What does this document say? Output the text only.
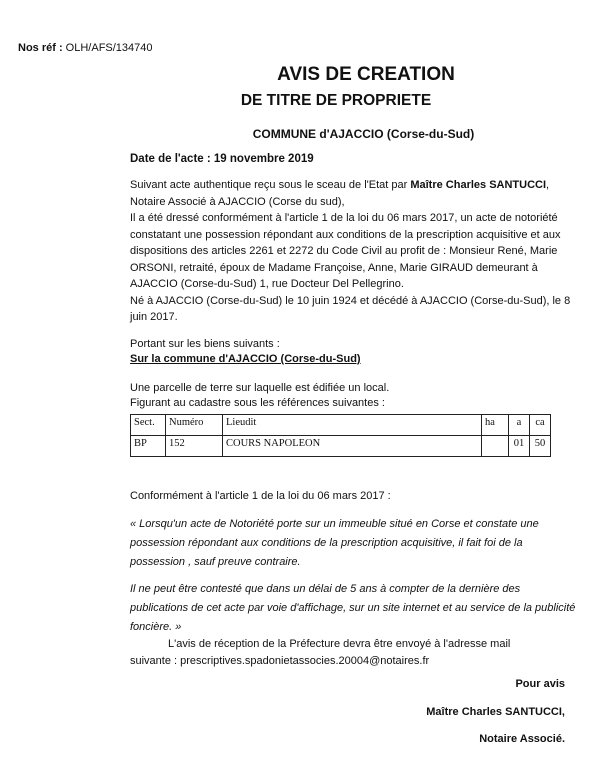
Nos réf : OLH/AFS/134740
AVIS DE CREATION
DE TITRE DE PROPRIETE
COMMUNE d'AJACCIO (Corse-du-Sud)
Date de l'acte : 19 novembre 2019

Suivant acte authentique reçu sous le sceau de l'Etat par Maître Charles SANTUCCI, Notaire Associé à AJACCIO (Corse du sud),

Il a été dressé conformément à l'article 1 de la loi du 06 mars 2017, un acte de notoriété constatant une possession répondant aux conditions de la prescription acquisitive et aux dispositions des articles 2261 et 2272 du Code Civil au profit de : Monsieur René, Marie ORSONI, retraité, époux de Madame Françoise, Anne, Marie GIRAUD demeurant à AJACCIO (Corse-du-Sud) 1, rue Docteur Del Pellegrino.

Né à AJACCIO (Corse-du-Sud) le 10 juin 1924 et décédé à AJACCIO (Corse-du-Sud), le 8 juin 2017.

Portant sur les biens suivants :
Sur la commune d'AJACCIO (Corse-du-Sud)
Une parcelle de terre sur laquelle est édifiée un local.
Figurant au cadastre sous les références suivantes :
Sect.	Numéro	Lieudit	ha	a	ca
BP	152	COURS NAPOLEON		01	50
Conformément à l'article 1 de la loi du 06 mars 2017 :

« Lorsqu'un acte de Notoriété porte sur un immeuble situé en Corse et constate une possession répondant aux conditions de la prescription acquisitive, il fait foi de la possession , sauf preuve contraire.

Il ne peut être contesté que dans un délai de 5 ans à compter de la dernière des publications de cet acte par voie d'affichage, sur un site internet et au service de la publicité foncière. »

L'avis de réception de la Préfecture devra être envoyé à l'adresse mail
suivante : prescriptives.spadonietassocies.20004@notaires.fr
Pour avis
Maître Charles SANTUCCI,
Notaire Associé.
